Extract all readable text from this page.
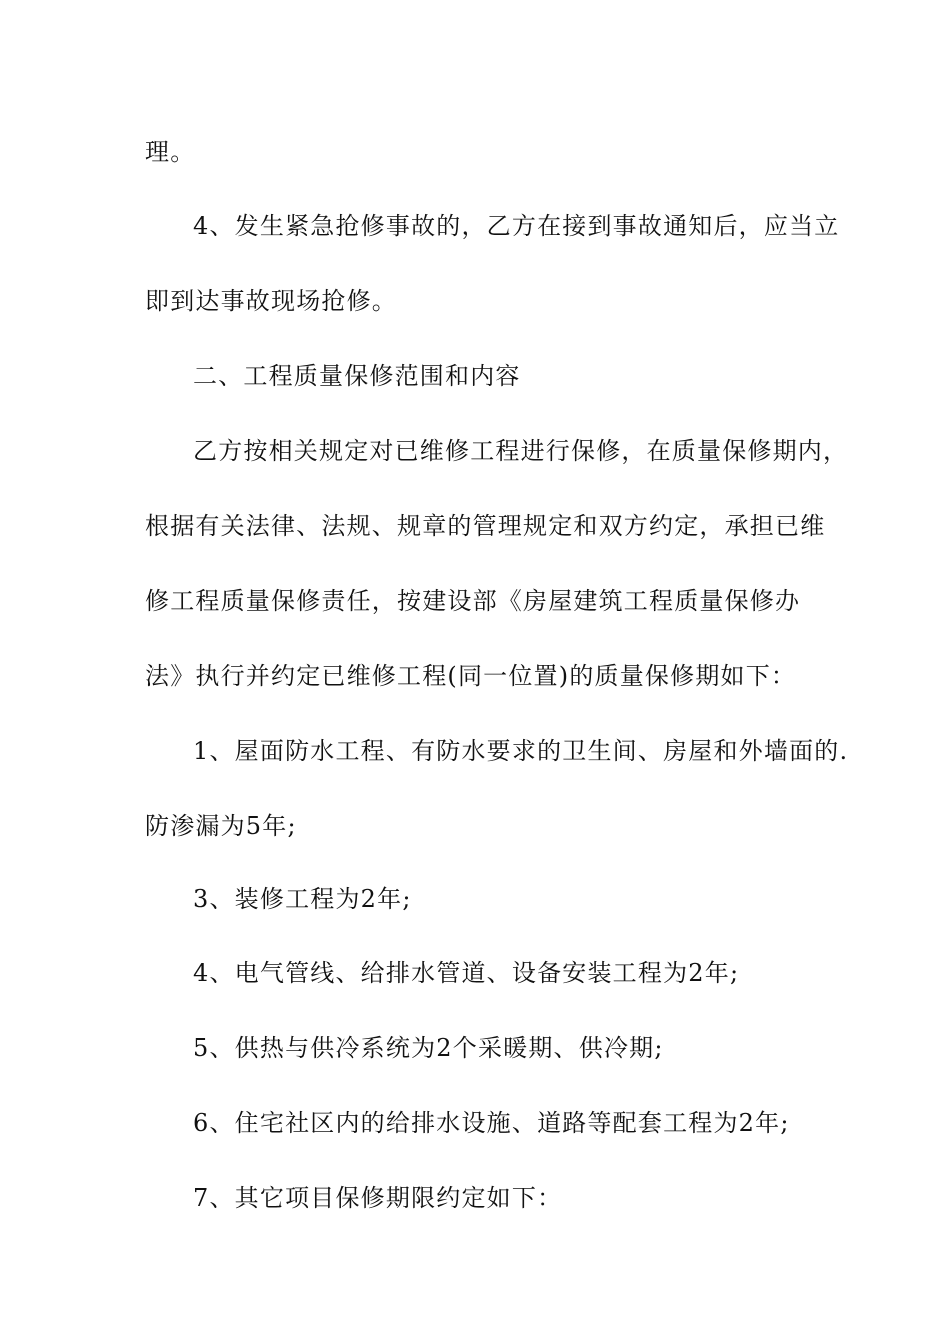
理。
4、发生紧急抢修事故的，乙方在接到事故通知后，应当立
即到达事故现场抢修。
二、工程质量保修范围和内容
乙方按相关规定对已维修工程进行保修，在质量保修期内，
根据有关法律、法规、规章的管理规定和双方约定，承担已维
修工程质量保修责任，按建设部《房屋建筑工程质量保修办
法》执行并约定已维修工程(同一位置)的质量保修期如下：
1、屋面防水工程、有防水要求的卫生间、房屋和外墙面的.
防渗漏为5年;
3、装修工程为2年;
4、电气管线、给排水管道、设备安装工程为2年;
5、供热与供冷系统为2个采暖期、供冷期;
6、住宅社区内的给排水设施、道路等配套工程为2年;
7、其它项目保修期限约定如下：
